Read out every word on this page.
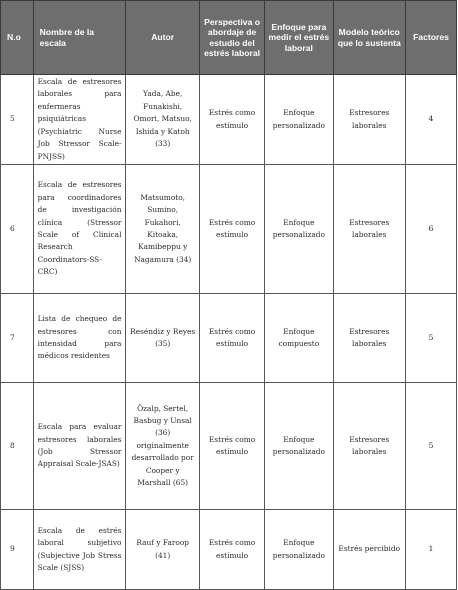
N.o	Nombre de la escala	Autor	Perspectiva o abordaje de estudio del estrés laboral	Enfoque para medir el estrés laboral	Modelo teórico que lo sustenta	Factores
5	Escala de estresores laborales para enfermeras psiquiátricas (Psychiatric Nurse Job Stressor Scale-PNJSS)	Yada, Abe, Funakishi, Omori, Matsuo, Ishida y Katoh (33)	Estrés como estímulo	Enfoque personalizado	Estresores laborales	4
6	Escala de estresores para coordinadores de investigación clínica (Stressor Scale of Clinical Research Coordinators-SS-CRC)	Matsumoto, Sumino, Fukahori, Kitoaka, Kamibeppu y Nagamura (34)	Estrés como estímulo	Enfoque personalizado	Estresores laborales	6
7	Lista de chequeo de estresores con intensidad para médicos residentes	Reséndiz y Reyes (35)	Estrés como estímulo	Enfoque compuesto	Estresores laborales	5
8	Escala para evaluar estresores laborales (Job Stressor Appraisal Scale-JSAS)	Özalp, Sertel, Basbug y Unsal (36) originalmente desarrollado por Cooper y Marshall (65)	Estrés como estímulo	Enfoque personalizado	Estresores laborales	5
9	Escala de estrés laboral subjetivo (Subjective Job Stress Scale (SJSS)	Rauf y Faroop (41)	Estrés como estímulo	Enfoque personalizado	Estrés percibido	1
